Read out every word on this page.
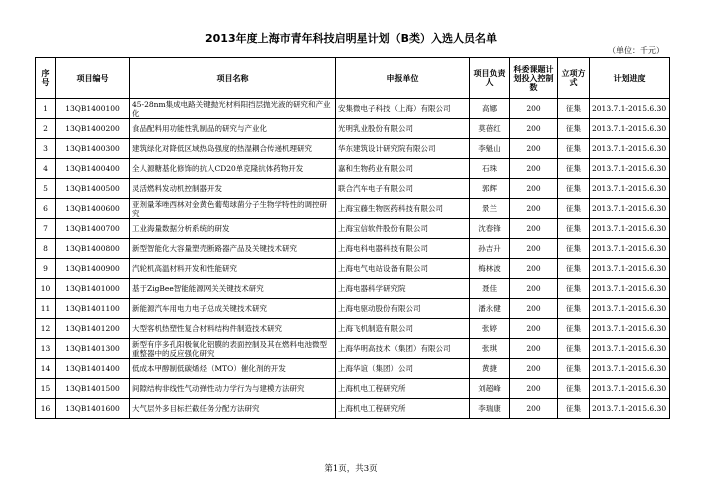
2013年度上海市青年科技启明星计划（B类）入选人员名单
（单位：千元）
序号	项目编号	项目名称	申报单位	项目负责人	科委课题计划投入控制数	立项方式	计划进度
1	13QB1400100	45-28nm集成电路关键抛光材料阳挡层抛光液的研究和产业化	安集微电子科技（上海）有限公司	高娜	200	征集	2013.7.1-2015.6.30
2	13QB1400200	食品配料用功能性乳制品的研究与产业化	光明乳业股份有限公司	莫蓓红	200	征集	2013.7.1-2015.6.30
3	13QB1400300	建筑绿化对降低区域热岛强度的热湿耦合传递机理研究	华东建筑设计研究院有限公司	李魁山	200	征集	2013.7.1-2015.6.30
4	13QB1400400	全人源糖基化修饰的抗人CD20单克隆抗体药物开发	嘉和生物药业有限公司	石珠	200	征集	2013.7.1-2015.6.30
5	13QB1400500	灵活燃料发动机控制器开发	联合汽车电子有限公司	郭辉	200	征集	2013.7.1-2015.6.30
6	13QB1400600	亚剂量苯唑西林对金黄色葡萄球菌分子生物学特性的调控研究	上海宝藤生物医药科技有限公司	景兰	200	征集	2013.7.1-2015.6.30
7	13QB1400700	工业海量数据分析系统的研发	上海宝信软件股份有限公司	沈春锋	200	征集	2013.7.1-2015.6.30
8	13QB1400800	新型智能化大容量塑壳断路器产品及关键技术研究	上海电科电器科技有限公司	孙吉升	200	征集	2013.7.1-2015.6.30
9	13QB1400900	汽轮机高温材料开发和性能研究	上海电气电站设备有限公司	梅林波	200	征集	2013.7.1-2015.6.30
10	13QB1401000	基于ZigBee智能能源网关关键技术研究	上海电器科学研究院	聂佳	200	征集	2013.7.1-2015.6.30
11	13QB1401100	新能源汽车用电力电子总成关键技术研究	上海电驱动股份有限公司	潘永健	200	征集	2013.7.1-2015.6.30
12	13QB1401200	大型客机热塑性复合材料结构件制造技术研究	上海飞机制造有限公司	张婷	200	征集	2013.7.1-2015.6.30
13	13QB1401300	新型有序多孔阳极氧化铝膜的表面控制及其在燃料电池微型重整器中的反应强化研究	上海华明高技术（集团）有限公司	张琪	200	征集	2013.7.1-2015.6.30
14	13QB1401400	低成本甲醇制低碳烯烃（MTO）催化剂的开发	上海华谊（集团）公司	黄捷	200	征集	2013.7.1-2015.6.30
15	13QB1401500	间隙结构非线性气动弹性动力学行为与建模方法研究	上海机电工程研究所	刘超峰	200	征集	2013.7.1-2015.6.30
16	13QB1401600	大气层外多目标拦截任务分配方法研究	上海机电工程研究所	李瑞康	200	征集	2013.7.1-2015.6.30
第1页，共3页
